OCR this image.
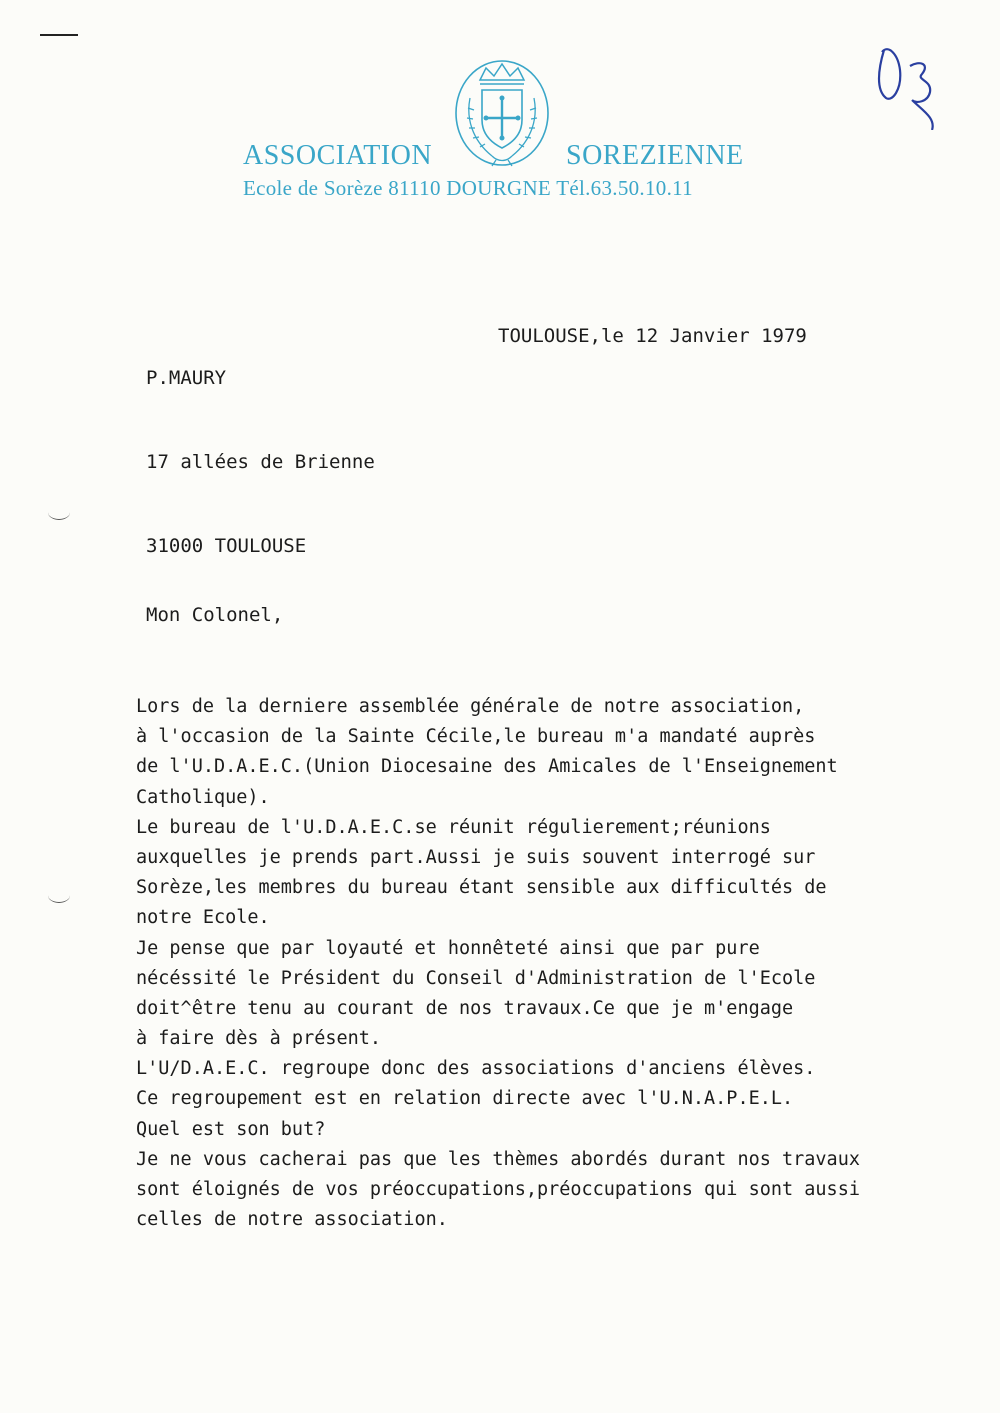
ASSOCIATION	SOREZIENNE
Ecole de Sorèze 81110 DOURGNE Tél.63.50.10.11

P.MAURY

17 allées de Brienne

31000 TOULOUSE

TOULOUSE,le 12 Janvier 1979
Mon Colonel,
Lors de la derniere assemblée générale de notre association,
à l'occasion de la Sainte Cécile,le bureau m'a mandaté auprès
de l'U.D.A.E.C.(Union Diocesaine des Amicales de l'Enseignement
Catholique).
Le bureau de l'U.D.A.E.C.se réunit régulierement;réunions
auxquelles je prends part.Aussi je suis souvent interrogé sur
Sorèze,les membres du bureau étant sensible aux difficultés de
notre Ecole.
Je pense que par loyauté et honnêteté ainsi que par pure
nécéssité le Président du Conseil d'Administration de l'Ecole
doit^être tenu au courant de nos travaux.Ce que je m'engage
à faire dès à présent.
L'U/D.A.E.C. regroupe donc des associations d'anciens élèves.
Ce regroupement est en relation directe avec l'U.N.A.P.E.L.
Quel est son but?
Je ne vous cacherai pas que les thèmes abordés durant nos travaux
sont éloignés de vos préoccupations,préoccupations qui sont aussi
celles de notre association.
